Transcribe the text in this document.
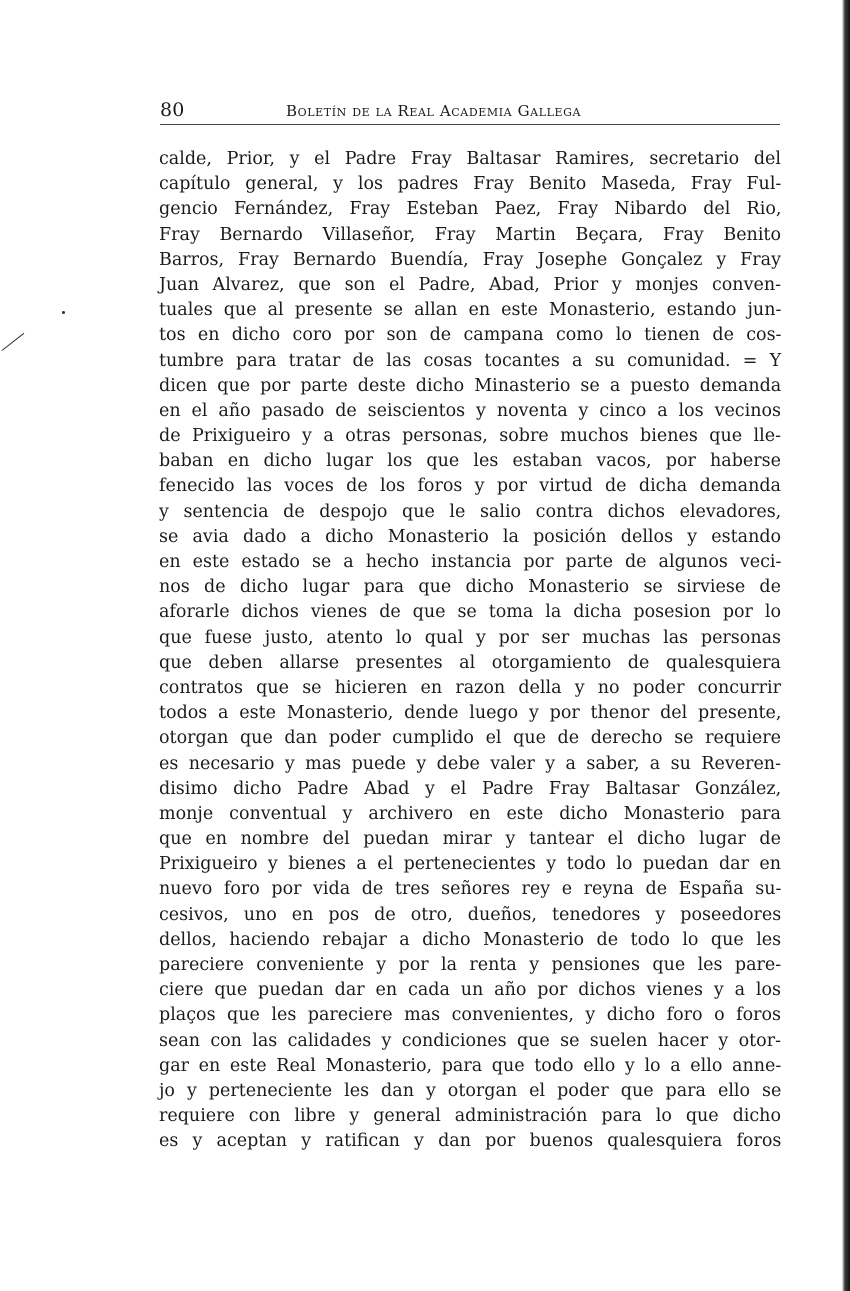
80	Boletín de la Real Academia Gallega
calde, Prior, y el Padre Fray Baltasar Ramires, secretario del
capítulo general, y los padres Fray Benito Maseda, Fray Ful-
gencio Fernández, Fray Esteban Paez, Fray Nibardo del Rio,
Fray Bernardo Villaseñor, Fray Martin Beçara, Fray Benito
Barros, Fray Bernardo Buendía, Fray Josephe Gonçalez y Fray
Juan Alvarez, que son el Padre, Abad, Prior y monjes conven-
tuales que al presente se allan en este Monasterio, estando jun-
tos en dicho coro por son de campana como lo tienen de cos-
tumbre para tratar de las cosas tocantes a su comunidad. = Y
dicen que por parte deste dicho Minasterio se a puesto demanda
en el año pasado de seiscientos y noventa y cinco a los vecinos
de Prixigueiro y a otras personas, sobre muchos bienes que lle-
baban en dicho lugar los que les estaban vacos, por haberse
fenecido las voces de los foros y por virtud de dicha demanda
y sentencia de despojo que le salio contra dichos elevadores,
se avia dado a dicho Monasterio la posición dellos y estando
en este estado se a hecho instancia por parte de algunos veci-
nos de dicho lugar para que dicho Monasterio se sirviese de
aforarle dichos vienes de que se toma la dicha posesion por lo
que fuese justo, atento lo qual y por ser muchas las personas
que deben allarse presentes al otorgamiento de qualesquiera
contratos que se hicieren en razon della y no poder concurrir
todos a este Monasterio, dende luego y por thenor del presente,
otorgan que dan poder cumplido el que de derecho se requiere
es necesario y mas puede y debe valer y a saber, a su Reveren-
disimo dicho Padre Abad y el Padre Fray Baltasar González,
monje conventual y archivero en este dicho Monasterio para
que en nombre del puedan mirar y tantear el dicho lugar de
Prixigueiro y bienes a el pertenecientes y todo lo puedan dar en
nuevo foro por vida de tres señores rey e reyna de España su-
cesivos, uno en pos de otro, dueños, tenedores y poseedores
dellos, haciendo rebajar a dicho Monasterio de todo lo que les
pareciere conveniente y por la renta y pensiones que les pare-
ciere que puedan dar en cada un año por dichos vienes y a los
plaços que les pareciere mas convenientes, y dicho foro o foros
sean con las calidades y condiciones que se suelen hacer y otor-
gar en este Real Monasterio, para que todo ello y lo a ello anne-
jo y perteneciente les dan y otorgan el poder que para ello se
requiere con libre y general administración para lo que dicho
es y aceptan y ratifican y dan por buenos qualesquiera foros
